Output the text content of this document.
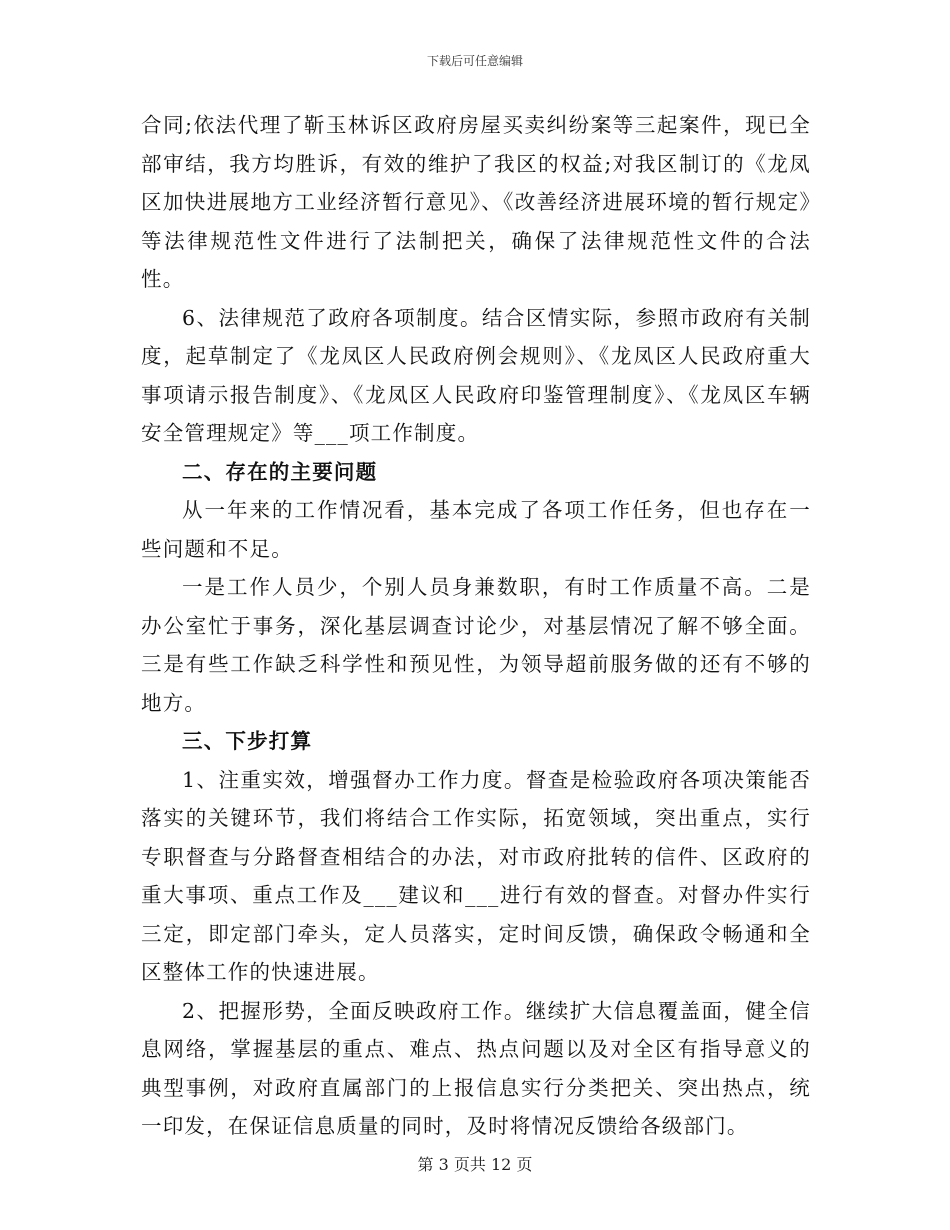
下载后可任意编辑

合同;依法代理了靳玉林诉区政府房屋买卖纠纷案等三起案件，现已全部审结，我方均胜诉，有效的维护了我区的权益;对我区制订的《龙凤区加快进展地方工业经济暂行意见》、《改善经济进展环境的暂行规定》等法律规范性文件进行了法制把关，确保了法律规范性文件的合法性。

6、法律规范了政府各项制度。结合区情实际，参照市政府有关制度，起草制定了《龙凤区人民政府例会规则》、《龙凤区人民政府重大事项请示报告制度》、《龙凤区人民政府印鉴管理制度》、《龙凤区车辆安全管理规定》等___项工作制度。

二、存在的主要问题

从一年来的工作情况看，基本完成了各项工作任务，但也存在一些问题和不足。

一是工作人员少，个别人员身兼数职，有时工作质量不高。二是办公室忙于事务，深化基层调查讨论少，对基层情况了解不够全面。三是有些工作缺乏科学性和预见性，为领导超前服务做的还有不够的地方。

三、下步打算

1、注重实效，增强督办工作力度。督查是检验政府各项决策能否落实的关键环节，我们将结合工作实际，拓宽领域，突出重点，实行专职督查与分路督查相结合的办法，对市政府批转的信件、区政府的重大事项、重点工作及___建议和___进行有效的督查。对督办件实行三定，即定部门牵头，定人员落实，定时间反馈，确保政令畅通和全区整体工作的快速进展。

2、把握形势，全面反映政府工作。继续扩大信息覆盖面，健全信息网络，掌握基层的重点、难点、热点问题以及对全区有指导意义的典型事例，对政府直属部门的上报信息实行分类把关、突出热点，统一印发，在保证信息质量的同时，及时将情况反馈给各级部门。

第 3 页共 12 页
